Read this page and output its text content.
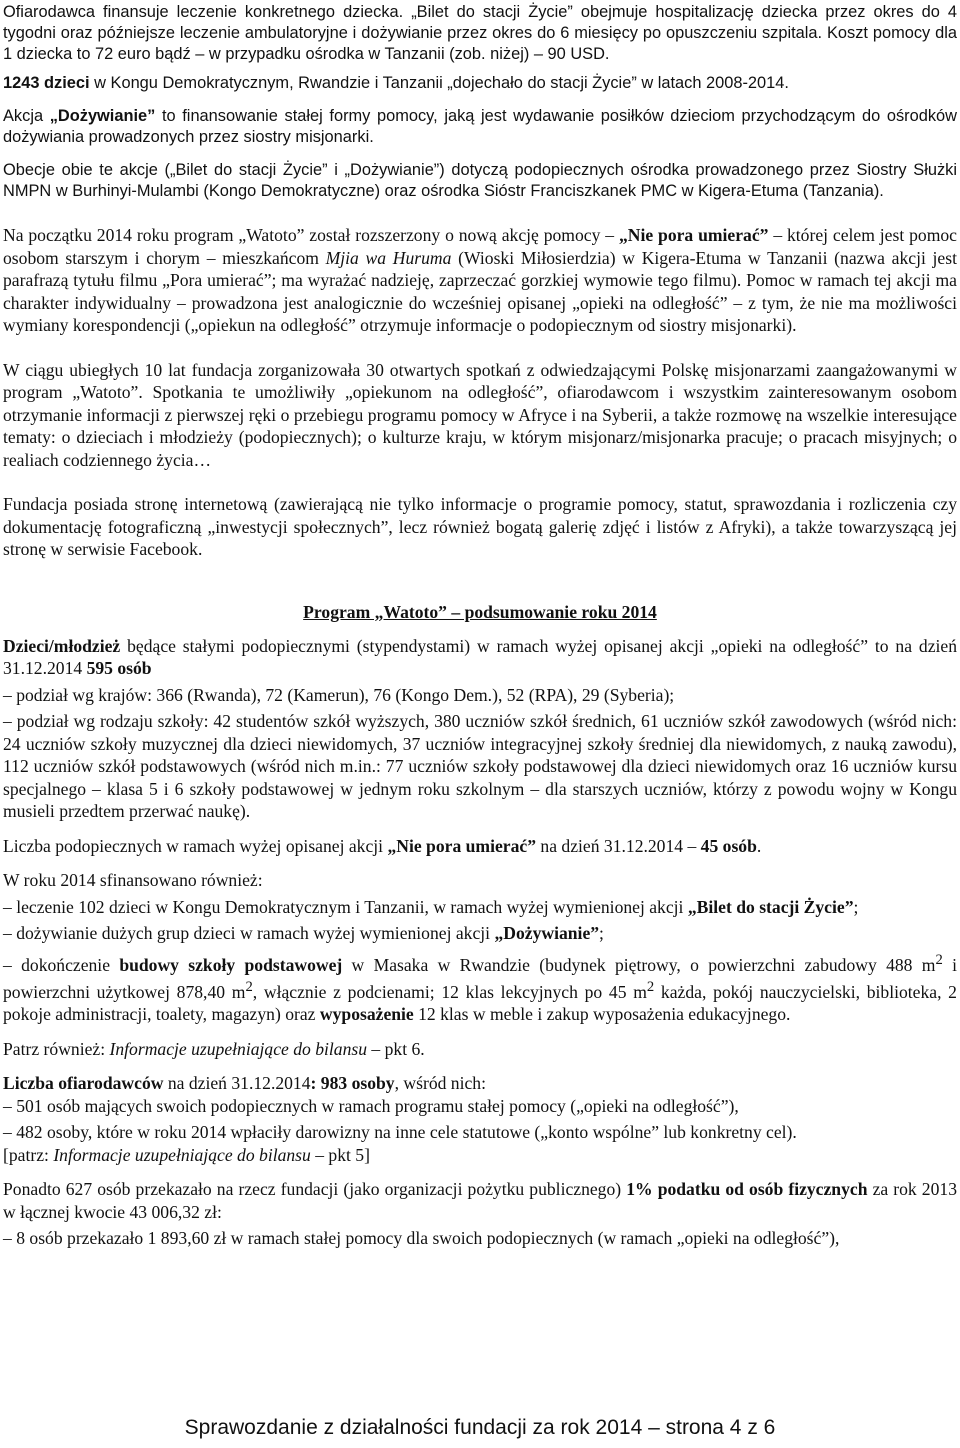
Ofiarodawca finansuje leczenie konkretnego dziecka. „Bilet do stacji Życie” obejmuje hospitalizację dziecka przez okres do 4 tygodni oraz późniejsze leczenie ambulatoryjne i dożywianie przez okres do 6 miesięcy po opuszczeniu szpitala. Koszt pomocy dla 1 dziecka to 72 euro bądź – w przypadku ośrodka w Tanzanii (zob. niżej) – 90 USD.

1243 dzieci w Kongu Demokratycznym, Rwandzie i Tanzanii „dojechało do stacji Życie” w latach 2008-2014.

Akcja „Dożywianie” to finansowanie stałej formy pomocy, jaką jest wydawanie posiłków dzieciom przychodzącym do ośrodków dożywiania prowadzonych przez siostry misjonarki.

Obecje obie te akcje („Bilet do stacji Życie” i „Dożywianie”) dotyczą podopiecznych ośrodka prowadzonego przez Siostry Służki NMPN w Burhinyi-Mulambi (Kongo Demokratyczne) oraz ośrodka Sióstr Franciszkanek PMC w Kigera-Etuma (Tanzania).

Na początku 2014 roku program „Watoto” został rozszerzony o nową akcję pomocy – „Nie pora umierać” – której celem jest pomoc osobom starszym i chorym – mieszkańcom Mjia wa Huruma (Wioski Miłosierdzia) w Kigera-Etuma w Tanzanii (nazwa akcji jest parafrazą tytułu filmu „Pora umierać”; ma wyrażać nadzieję, zaprzeczać gorzkiej wymowie tego filmu). Pomoc w ramach tej akcji ma charakter indywidualny – prowadzona jest analogicznie do wcześniej opisanej „opieki na odległość” – z tym, że nie ma możliwości wymiany korespondencji („opiekun na odległość” otrzymuje informacje o podopiecznym od siostry misjonarki).

W ciągu ubiegłych 10 lat fundacja zorganizowała 30 otwartych spotkań z odwiedzającymi Polskę misjonarzami zaangażowanymi w program „Watoto”. Spotkania te umożliwiły „opiekunom na odległość”, ofiarodawcom i wszystkim zainteresowanym osobom otrzymanie informacji z pierwszej ręki o przebiegu programu pomocy w Afryce i na Syberii, a także rozmowę na wszelkie interesujące tematy: o dzieciach i młodzieży (podopiecznych); o kulturze kraju, w którym misjonarz/misjonarka pracuje; o pracach misyjnych; o realiach codziennego życia…

Fundacja posiada stronę internetową (zawierającą nie tylko informacje o programie pomocy, statut, sprawozdania i rozliczenia czy dokumentację fotograficzną „inwestycji społecznych”, lecz również bogatą galerię zdjęć i listów z Afryki), a także towarzyszącą jej stronę w serwisie Facebook.

Program „Watoto” – podsumowanie roku 2014

Dzieci/młodzież będące stałymi podopiecznymi (stypendystami) w ramach wyżej opisanej akcji „opieki na odległość” to na dzień 31.12.2014 595 osób

– podział wg krajów: 366 (Rwanda), 72 (Kamerun), 76 (Kongo Dem.), 52 (RPA), 29 (Syberia);

– podział wg rodzaju szkoły: 42 studentów szkół wyższych, 380 uczniów szkół średnich, 61 uczniów szkół zawodowych (wśród nich: 24 uczniów szkoły muzycznej dla dzieci niewidomych, 37 uczniów integracyjnej szkoły średniej dla niewidomych, z nauką zawodu), 112 uczniów szkół podstawowych (wśród nich m.in.: 77 uczniów szkoły podstawowej dla dzieci niewidomych oraz 16 uczniów kursu specjalnego – klasa 5 i 6 szkoły podstawowej w jednym roku szkolnym – dla starszych uczniów, którzy z powodu wojny w Kongu musieli przedtem przerwać naukę).

Liczba podopiecznych w ramach wyżej opisanej akcji „Nie pora umierać” na dzień 31.12.2014 – 45 osób.

W roku 2014 sfinansowano również:

– leczenie 102 dzieci w Kongu Demokratycznym i Tanzanii, w ramach wyżej wymienionej akcji „Bilet do stacji Życie”;

– dożywianie dużych grup dzieci w ramach wyżej wymienionej akcji „Dożywianie”;

– dokończenie budowy szkoły podstawowej w Masaka w Rwandzie (budynek piętrowy, o powierzchni zabudowy 488 $m^2$ i powierzchni użytkowej 878,40 $m^2$, włącznie z podcienami; 12 klas lekcyjnych po 45 $m^2$ każda, pokój nauczycielski, biblioteka, 2 pokoje administracji, toalety, magazyn) oraz wyposażenie 12 klas w meble i zakup wyposażenia edukacyjnego.

Patrz również: Informacje uzupełniające do bilansu – pkt 6.

Liczba ofiarodawców na dzień 31.12.2014: 983 osoby, wśród nich:

– 501 osób mających swoich podopiecznych w ramach programu stałej pomocy („opieki na odległość”),

– 482 osoby, które w roku 2014 wpłaciły darowizny na inne cele statutowe („konto wspólne” lub konkretny cel).

[patrz: Informacje uzupełniające do bilansu – pkt 5]

Ponadto 627 osób przekazało na rzecz fundacji (jako organizacji pożytku publicznego) 1% podatku od osób fizycznych za rok 2013 w łącznej kwocie 43 006,32 zł:

– 8 osób przekazało 1 893,60 zł w ramach stałej pomocy dla swoich podopiecznych (w ramach „opieki na odległość”),

Sprawozdanie z działalności fundacji za rok 2014 – strona 4 z 6
